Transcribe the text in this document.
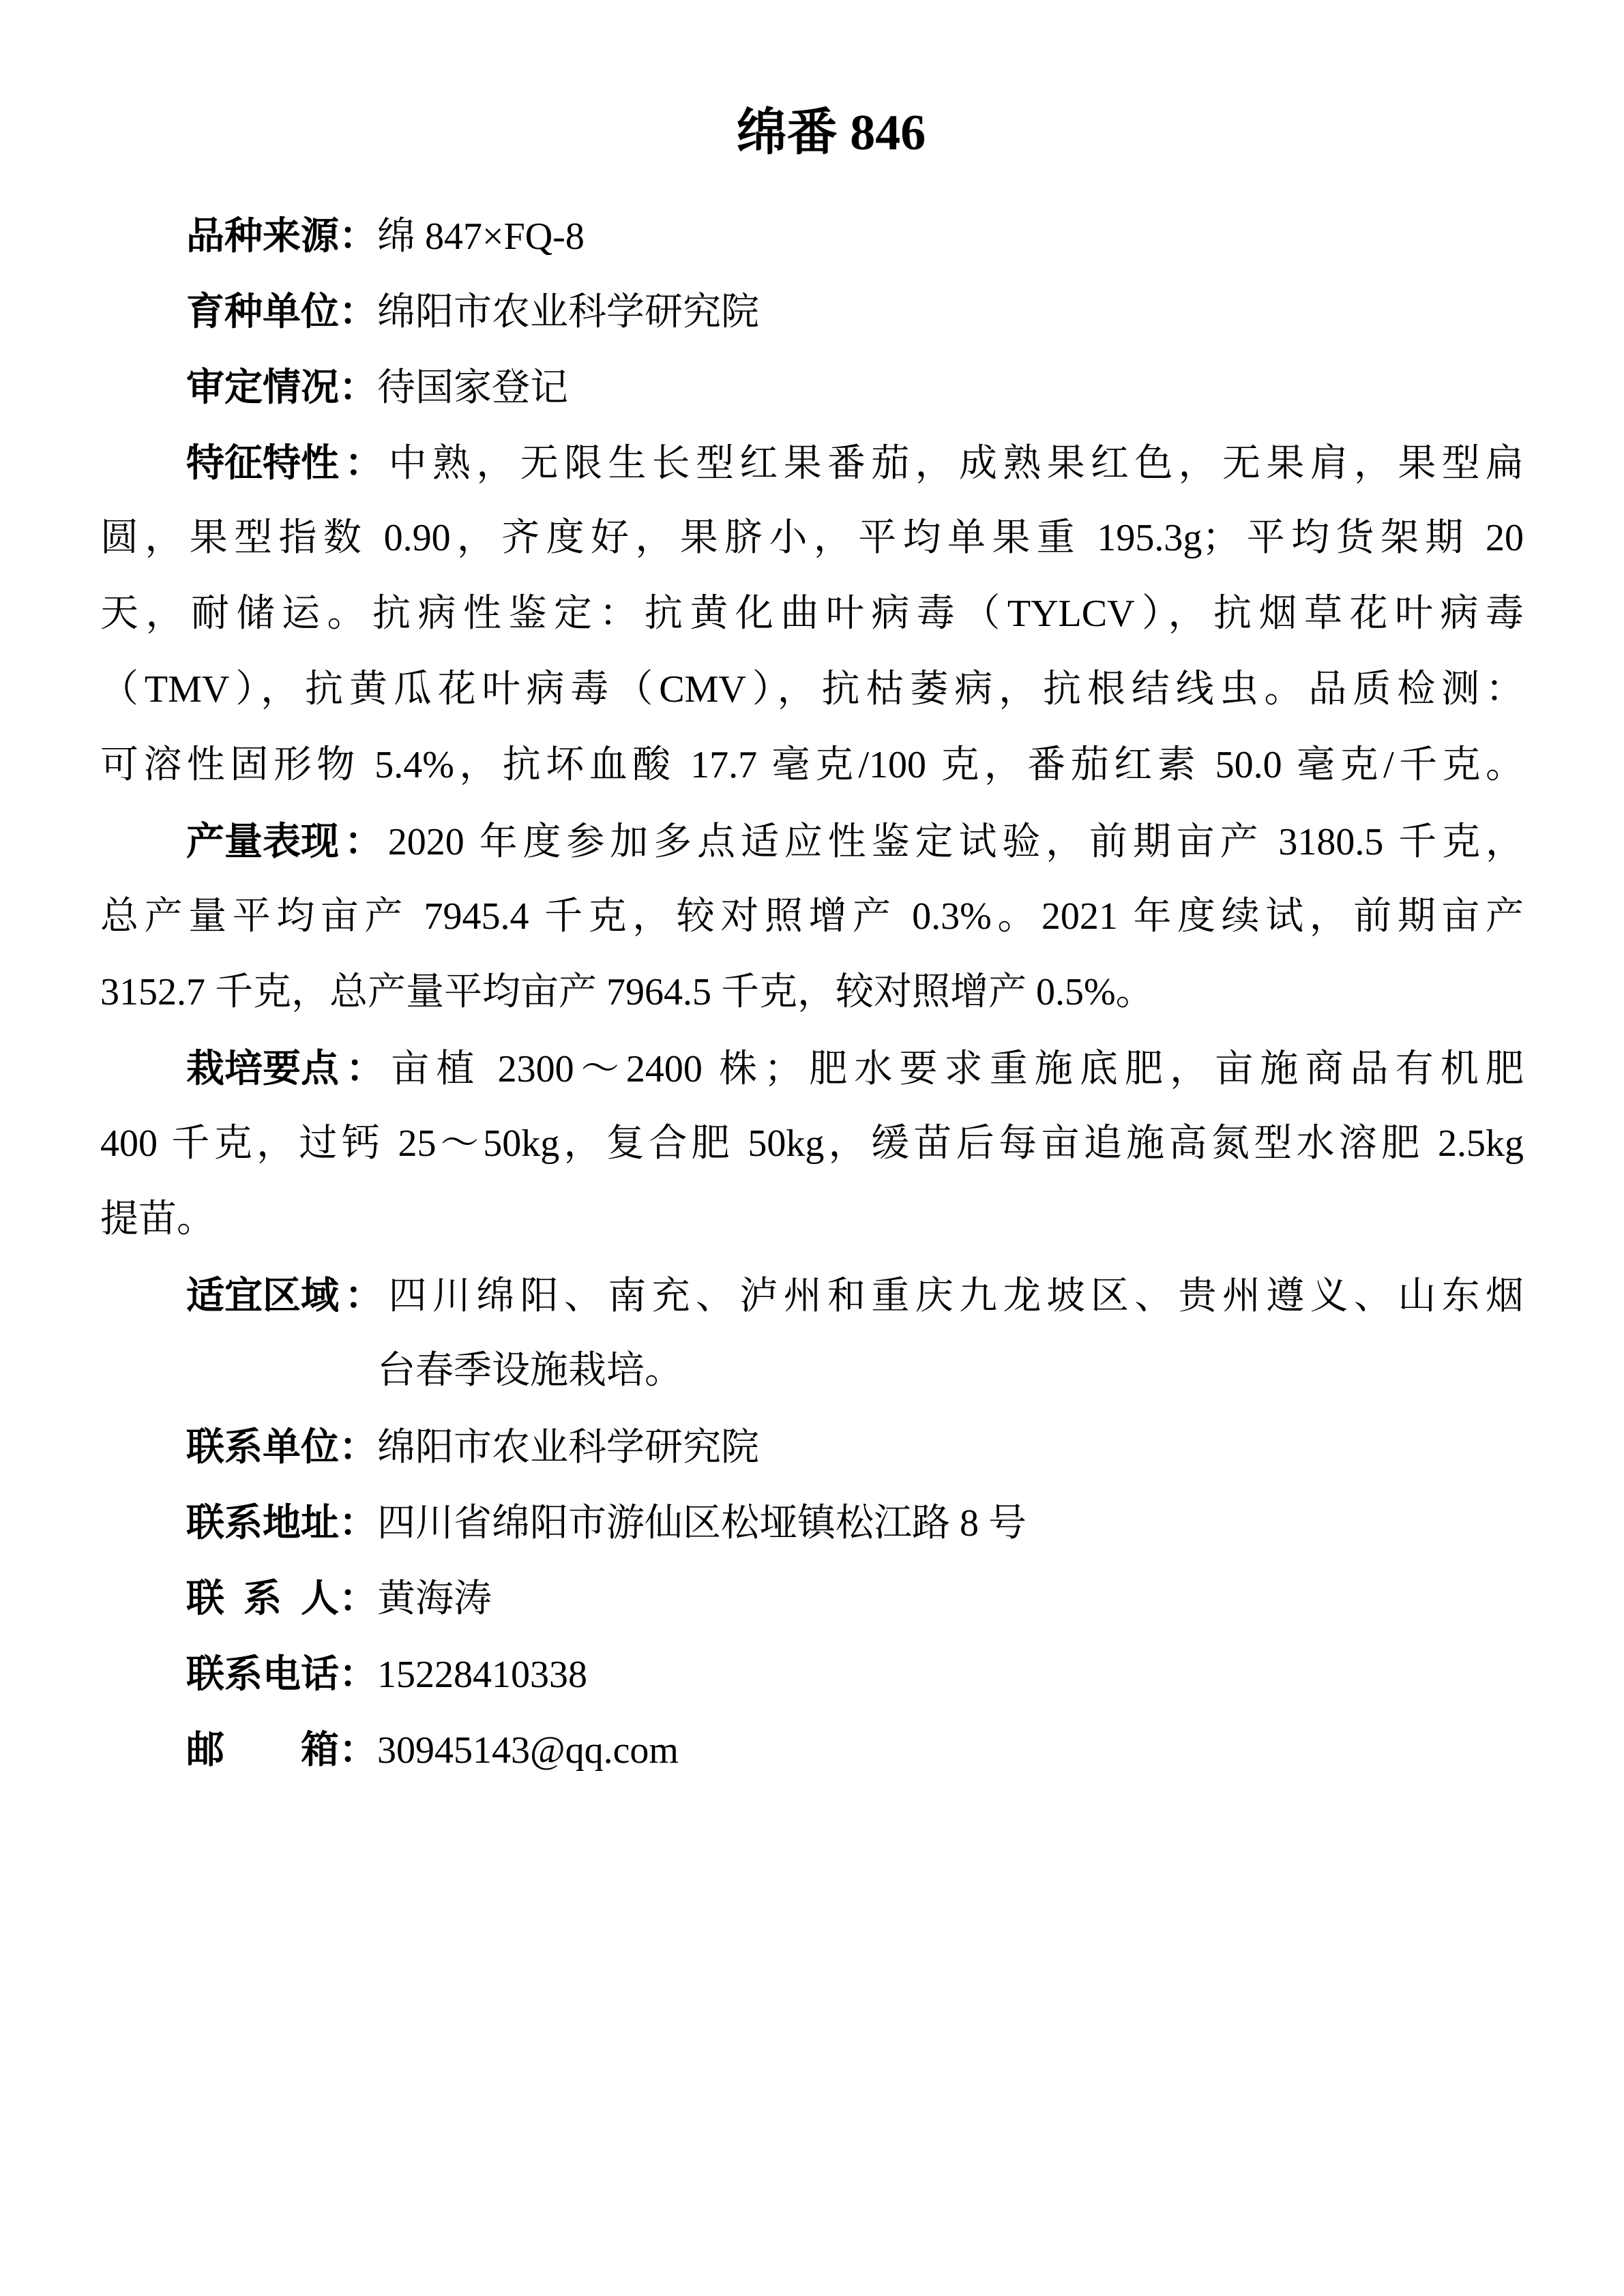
绵番 846
品种来源：绵 847×FQ-8
育种单位：绵阳市农业科学研究院
审定情况：待国家登记
特征特性：中熟，无限生长型红果番茄，成熟果红色，无果肩，果型扁
圆，果型指数 0.90，齐度好，果脐小，平均单果重 195.3g；平均货架期 20
天，耐储运。抗病性鉴定：抗黄化曲叶病毒（TYLCV），抗烟草花叶病毒
（TMV），抗黄瓜花叶病毒（CMV），抗枯萎病，抗根结线虫。品质检测：
可溶性固形物 5.4%，抗坏血酸 17.7 毫克/100 克，番茄红素 50.0 毫克/千克。
产量表现：2020 年度参加多点适应性鉴定试验，前期亩产 3180.5 千克，
总产量平均亩产 7945.4 千克，较对照增产 0.3%。2021 年度续试，前期亩产
3152.7 千克，总产量平均亩产 7964.5 千克，较对照增产 0.5%。
栽培要点：亩植 2300～2400 株；肥水要求重施底肥，亩施商品有机肥
400 千克，过钙 25～50kg，复合肥 50kg，缓苗后每亩追施高氮型水溶肥 2.5kg
提苗。
适宜区域：四川绵阳、南充、泸州和重庆九龙坡区、贵州遵义、山东烟
台春季设施栽培。
联系单位：绵阳市农业科学研究院
联系地址：四川省绵阳市游仙区松垭镇松江路 8 号
联系人：黄海涛
联系电话：15228410338
邮箱：30945143@qq.com
